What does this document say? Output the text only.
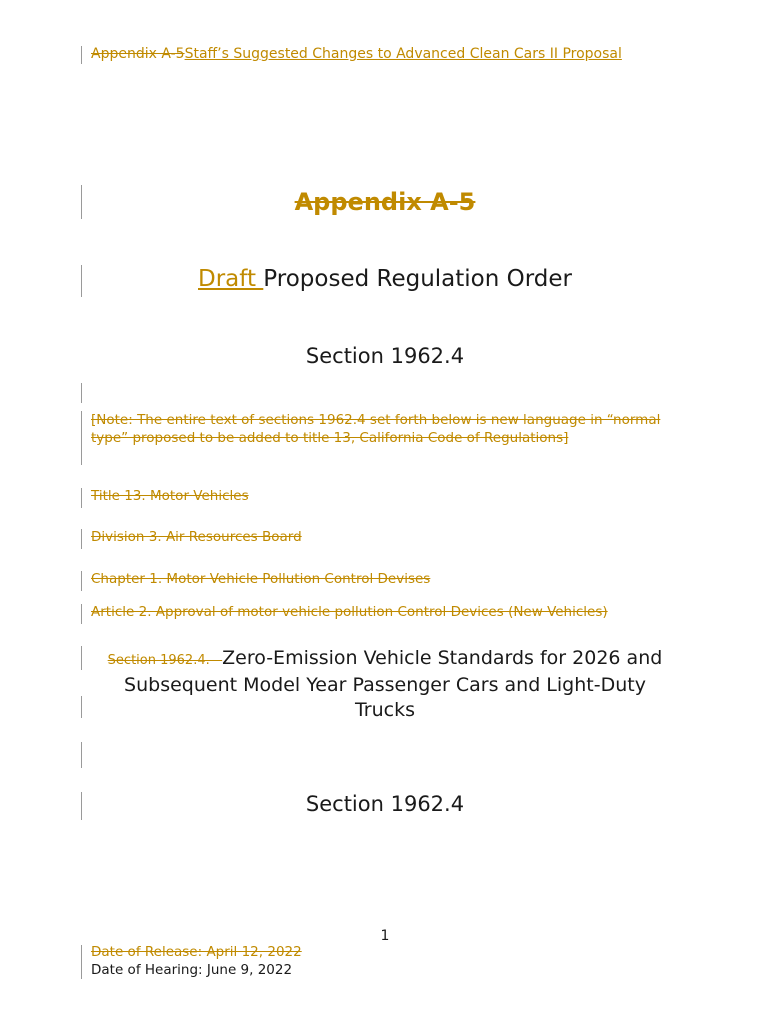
Appendix A-5Staff’s Suggested Changes to Advanced Clean Cars II Proposal
Appendix A-5
Draft Proposed Regulation Order
Section 1962.4
[Note: The entire text of sections 1962.4 set forth below is new language in “normal type” proposed to be added to title 13, California Code of Regulations]
Title 13. Motor Vehicles
Division 3. Air Resources Board
Chapter 1. Motor Vehicle Pollution Control Devises
Article 2. Approval of motor vehicle pollution Control Devices (New Vehicles)
Section 1962.4.   Zero-Emission Vehicle Standards for 2026 and Subsequent Model Year Passenger Cars and Light-Duty Trucks
Section 1962.4
1
Date of Release: April 12, 2022
Date of Hearing: June 9, 2022
